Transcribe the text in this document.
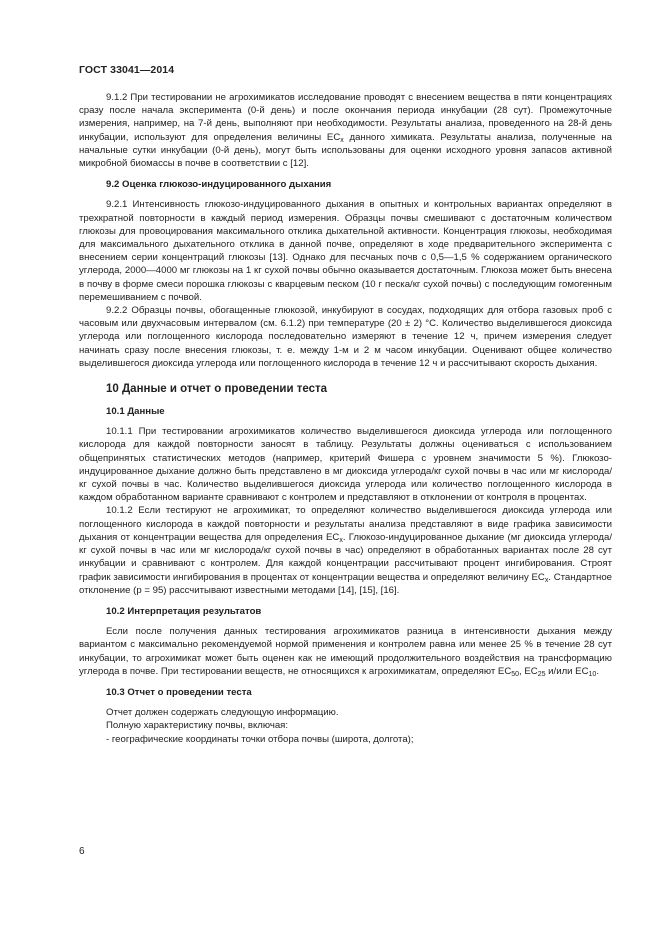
ГОСТ 33041—2014

9.1.2 При тестировании не агрохимикатов исследование проводят с внесением вещества в пяти концентрациях сразу после начала эксперимента (0-й день) и после окончания периода инкубации (28 сут). Промежуточные измерения, например, на 7-й день, выполняют при необходимости. Результаты анализа, проведенного на 28-й день инкубации, используют для определения величины $EC_x$ данного химиката. Результаты анализа, полученные на начальные сутки инкубации (0-й день), могут быть использованы для оценки исходного уровня запасов активной микробной биомассы в почве в соответствии с [12].

9.2 Оценка глюкозо-индуцированного дыхания

9.2.1 Интенсивность глюкозо-индуцированного дыхания в опытных и контрольных вариантах определяют в трехкратной повторности в каждый период измерения. Образцы почвы смешивают с достаточным количеством глюкозы для провоцирования максимального отклика дыхательной активности. Концентрация глюкозы, необходимая для максимального дыхательного отклика в данной почве, определяют в ходе предварительного эксперимента с внесением серии концентраций глюкозы [13]. Однако для песчаных почв с 0,5—1,5 % содержанием органического углерода, 2000—4000 мг глюкозы на 1 кг сухой почвы обычно оказывается достаточным. Глюкоза может быть внесена в почву в форме смеси порошка глюкозы с кварцевым песком (10 г песка/кг сухой почвы) с последующим гомогенным перемешиванием с почвой.

9.2.2 Образцы почвы, обогащенные глюкозой, инкубируют в сосудах, подходящих для отбора газовых проб с часовым или двухчасовым интервалом (см. 6.1.2) при температуре (20 ± 2) °C. Количество выделившегося диоксида углерода или поглощенного кислорода последовательно измеряют в течение 12 ч, причем измерения следует начинать сразу после внесения глюкозы, т. е. между 1-м и 2 м часом инкубации. Оценивают общее количество выделившегося диоксида углерода или поглощенного кислорода в течение 12 ч и рассчитывают скорость дыхания.

10 Данные и отчет о проведении теста
10.1 Данные

10.1.1 При тестировании агрохимикатов количество выделившегося диоксида углерода или поглощенного кислорода для каждой повторности заносят в таблицу. Результаты должны оцениваться с использованием общепринятых статистических методов (например, критерий Фишера с уровнем значимости 5 %). Глюкозо-индуцированное дыхание должно быть представлено в мг диоксида углерода/кг сухой почвы в час или мг кислорода/кг сухой почвы в час. Количество выделившегося диоксида углерода или количество поглощенного кислорода в каждом обработанном варианте сравнивают с контролем и представляют в отклонении от контроля в процентах.

10.1.2 Если тестируют не агрохимикат, то определяют количество выделившегося диоксида углерода или поглощенного кислорода в каждой повторности и результаты анализа представляют в виде графика зависимости дыхания от концентрации вещества для определения $EC_x$. Глюкозо-индуцированное дыхание (мг диоксида углерода/кг сухой почвы в час или мг кислорода/кг сухой почвы в час) определяют в обработанных вариантах после 28 сут инкубации и сравнивают с контролем. Для каждой концентрации рассчитывают процент ингибирования. Строят график зависимости ингибирования в процентах от концентрации вещества и определяют величину $EC_x$. Стандартное отклонение (p = 95) рассчитывают известными методами [14], [15], [16].

10.2 Интерпретация результатов

Если после получения данных тестирования агрохимикатов разница в интенсивности дыхания между вариантом с максимально рекомендуемой нормой применения и контролем равна или менее 25 % в течение 28 сут инкубации, то агрохимикат может быть оценен как не имеющий продолжительного воздействия на трансформацию углерода в почве. При тестировании веществ, не относящихся к агрохимикатам, определяют $EC_{50}$, $EC_{25}$ и/или $EC_{10}$.

10.3 Отчет о проведении теста
Отчет должен содержать следующую информацию.
Полную характеристику почвы, включая:
- географические координаты точки отбора почвы (широта, долгота);
6
